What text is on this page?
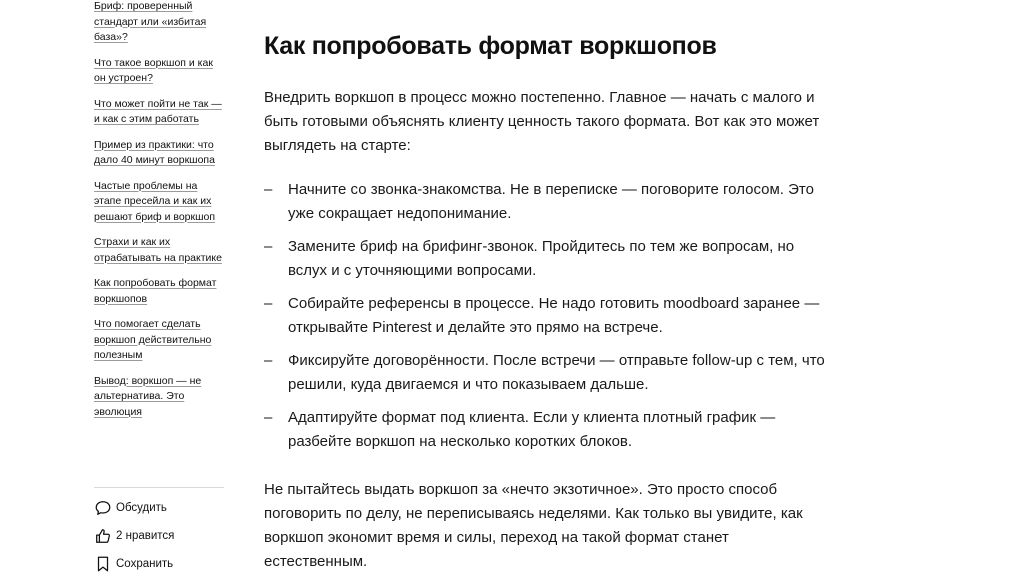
Бриф: проверенный стандарт или «избитая база»?
Что такое воркшоп и как он устроен?
Что может пойти не так — и как с этим работать
Пример из практики: что дало 40 минут воркшопа
Частые проблемы на этапе пресейла и как их решают бриф и воркшоп
Страхи и как их отрабатывать на практике
Как попробовать формат воркшопов
Что помогает сделать воркшоп действительно полезным
Вывод: воркшоп — не альтернатива. Это эволюция
Обсудить
2 нравится
Сохранить
Как попробовать формат воркшопов

Внедрить воркшоп в процесс можно постепенно. Главное — начать с малого и быть готовыми объяснять клиенту ценность такого формата. Вот как это может выглядеть на старте:

– Начните со звонка-знакомства. Не в переписке — поговорите голосом. Это уже сокращает недопонимание.
– Замените бриф на брифинг-звонок. Пройдитесь по тем же вопросам, но вслух и с уточняющими вопросами.
– Собирайте референсы в процессе. Не надо готовить moodboard заранее — открывайте Pinterest и делайте это прямо на встрече.
– Фиксируйте договорённости. После встречи — отправьте follow-up с тем, что решили, куда двигаемся и что показываем дальше.
– Адаптируйте формат под клиента. Если у клиента плотный график — разбейте воркшоп на несколько коротких блоков.

Не пытайтесь выдать воркшоп за «нечто экзотичное». Это просто способ поговорить по делу, не переписываясь неделями. Как только вы увидите, как воркшоп экономит время и силы, переход на такой формат станет естественным.
